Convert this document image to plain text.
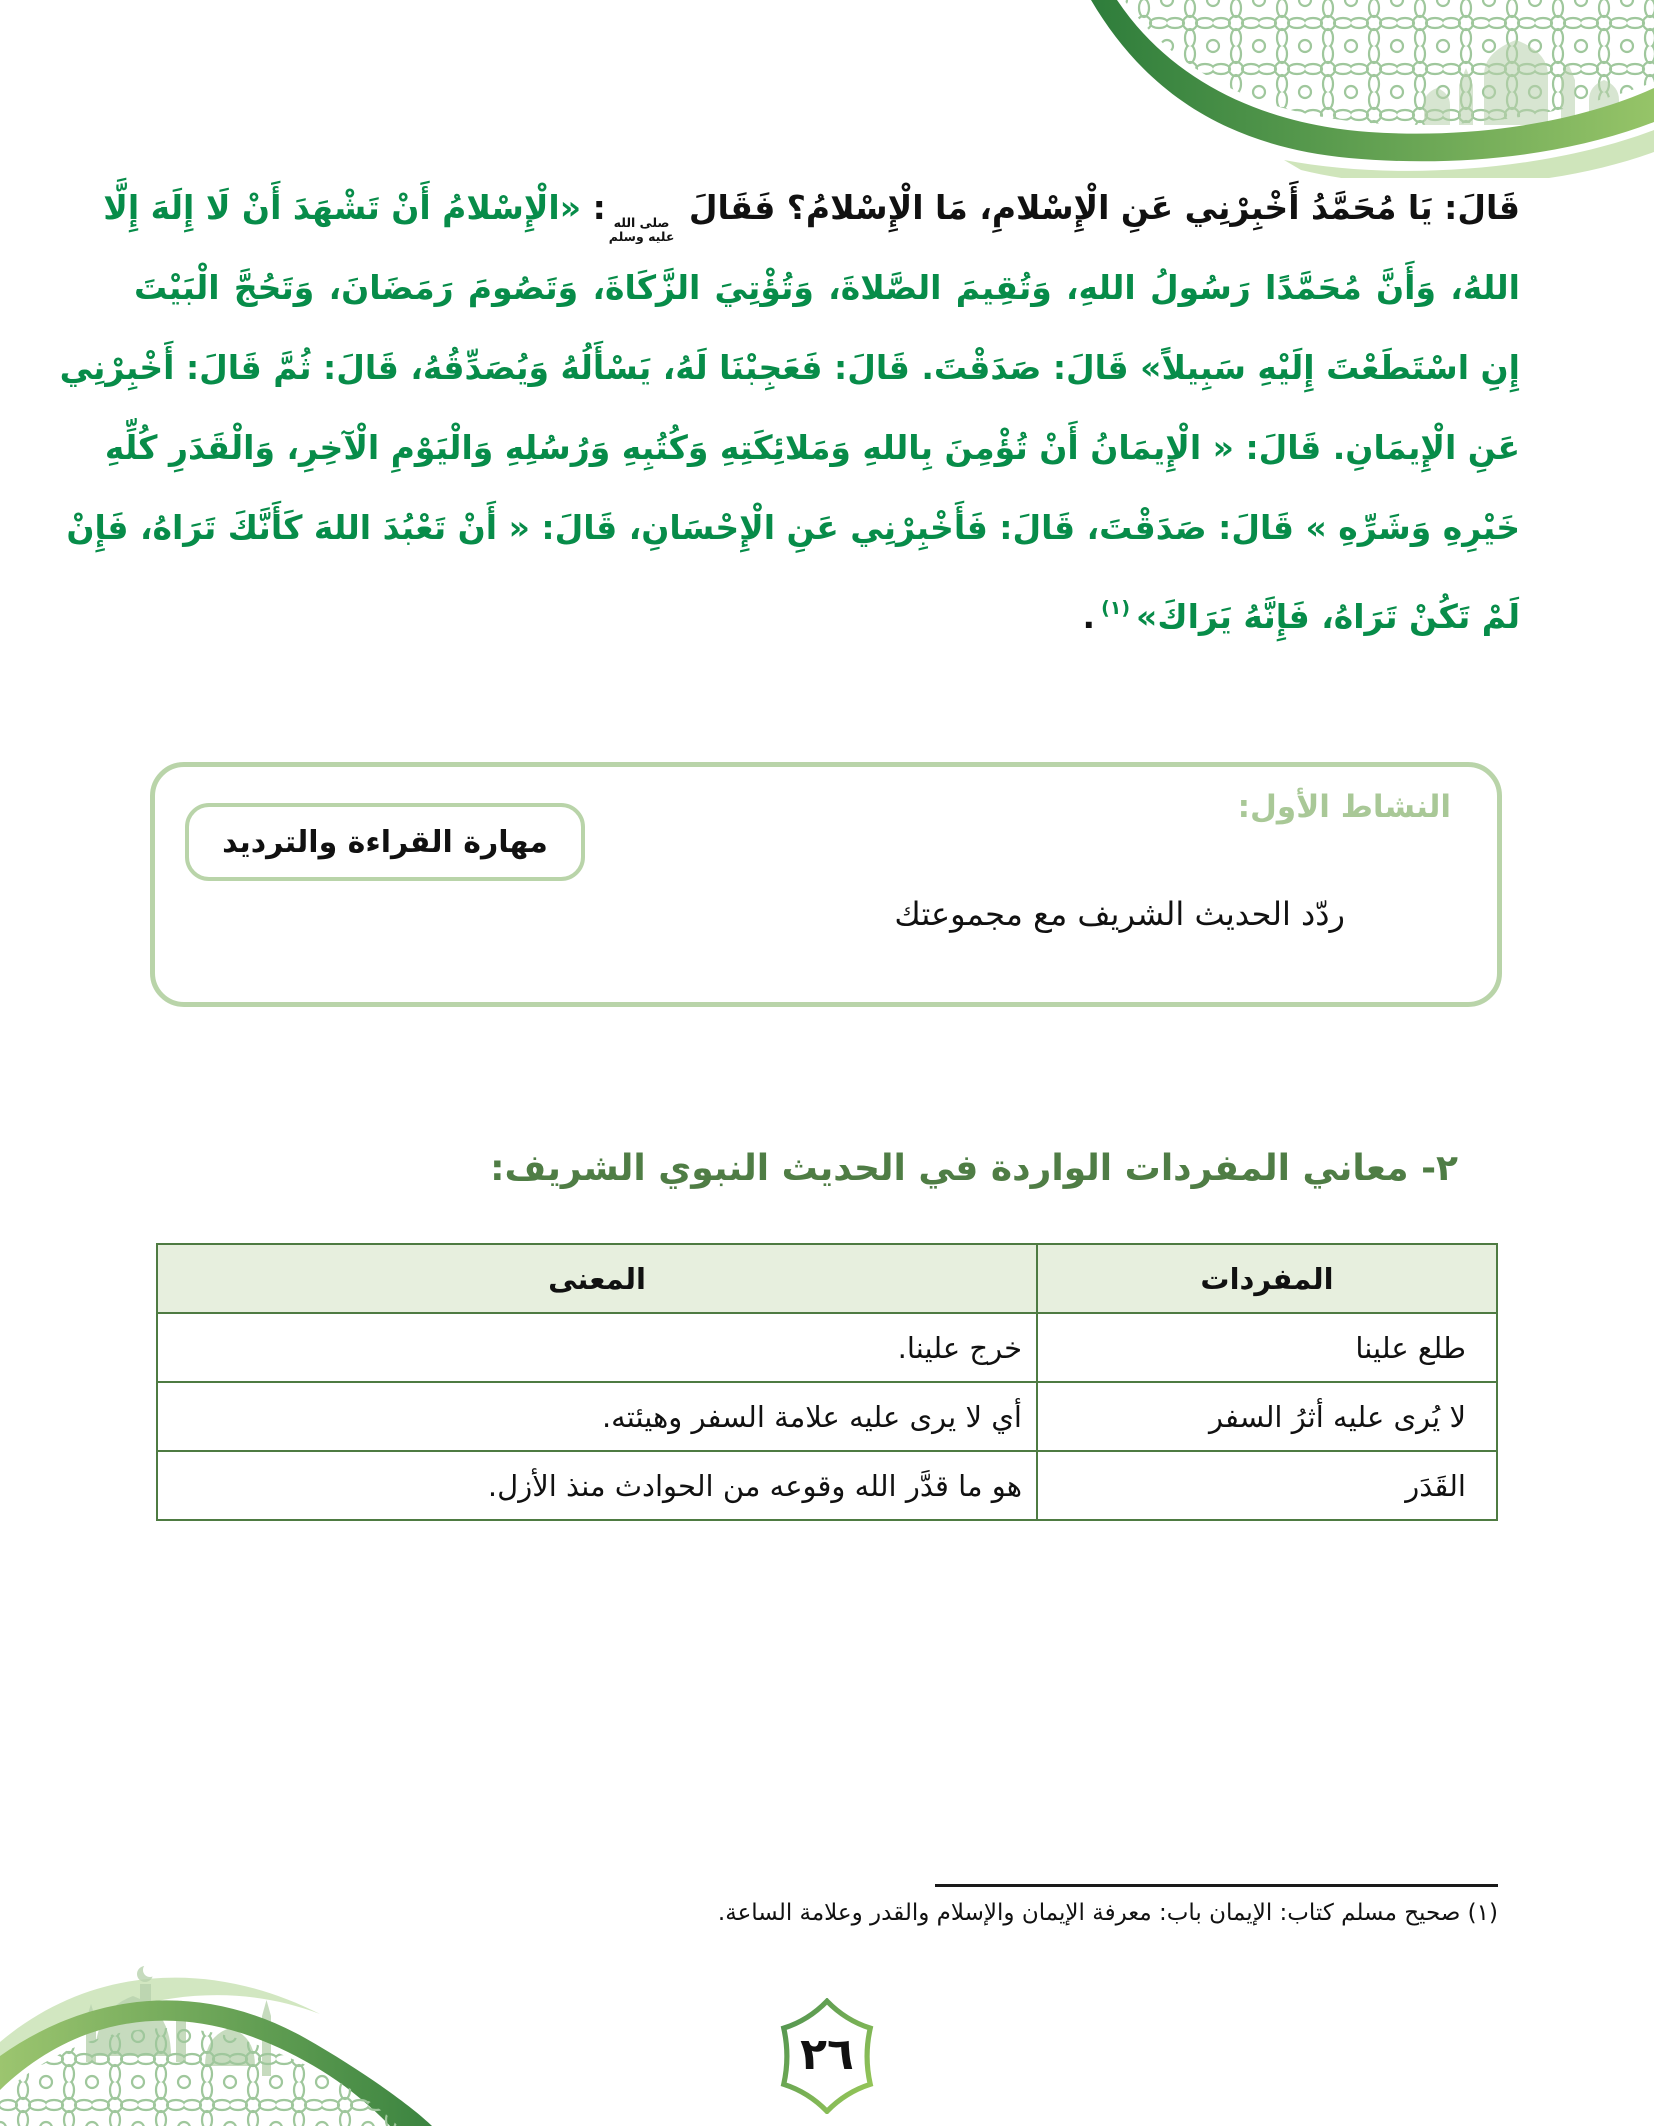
قَالَ: يَا مُحَمَّدُ أَخْبِرْنِي عَنِ الْإِسْلامِ، مَا الْإِسْلامُ؟ فَقَالَ
صلى الله
عليه وسلم
: «الْإِسْلامُ أَنْ تَشْهَدَ أَنْ لَا إِلَهَ إِلَّا
اللهُ، وَأَنَّ مُحَمَّدًا رَسُولُ اللهِ، وَتُقِيمَ الصَّلاةَ، وَتُؤْتِيَ الزَّكَاةَ، وَتَصُومَ رَمَضَانَ، وَتَحُجَّ الْبَيْتَ
إِنِ اسْتَطَعْتَ إِلَيْهِ سَبِيلاً» قَالَ: صَدَقْتَ. قَالَ: فَعَجِبْنَا لَهُ، يَسْأَلُهُ وَيُصَدِّقُهُ، قَالَ: ثُمَّ قَالَ: أَخْبِرْنِي
عَنِ الْإِيمَانِ. قَالَ: « الْإِيمَانُ أَنْ تُؤْمِنَ بِاللهِ وَمَلائِكَتِهِ وَكُتُبِهِ وَرُسُلِهِ وَالْيَوْمِ الْآخِرِ، وَالْقَدَرِ كُلِّهِ
خَيْرِهِ وَشَرِّهِ » قَالَ: صَدَقْتَ، قَالَ: فَأَخْبِرْنِي عَنِ الْإِحْسَانِ، قَالَ: « أَنْ تَعْبُدَ اللهَ كَأَنَّكَ تَرَاهُ، فَإِنْ
لَمْ تَكُنْ تَرَاهُ، فَإِنَّهُ يَرَاكَ»$^{(١)}$.
النشاط الأول:
مهارة القراءة والترديد
ردّد الحديث الشريف مع مجموعتك
٢- معاني المفردات الواردة في الحديث النبوي الشريف:
المفردات	المعنى
طلع علينا	خرج علينا.
لا يُرى عليه أثرُ السفر	أي لا يرى عليه علامة السفر وهيئته.
القَدَر	هو ما قدَّر الله وقوعه من الحوادث منذ الأزل.
(١) صحيح مسلم كتاب: الإيمان باب: معرفة الإيمان والإسلام والقدر وعلامة الساعة.
٢٦
